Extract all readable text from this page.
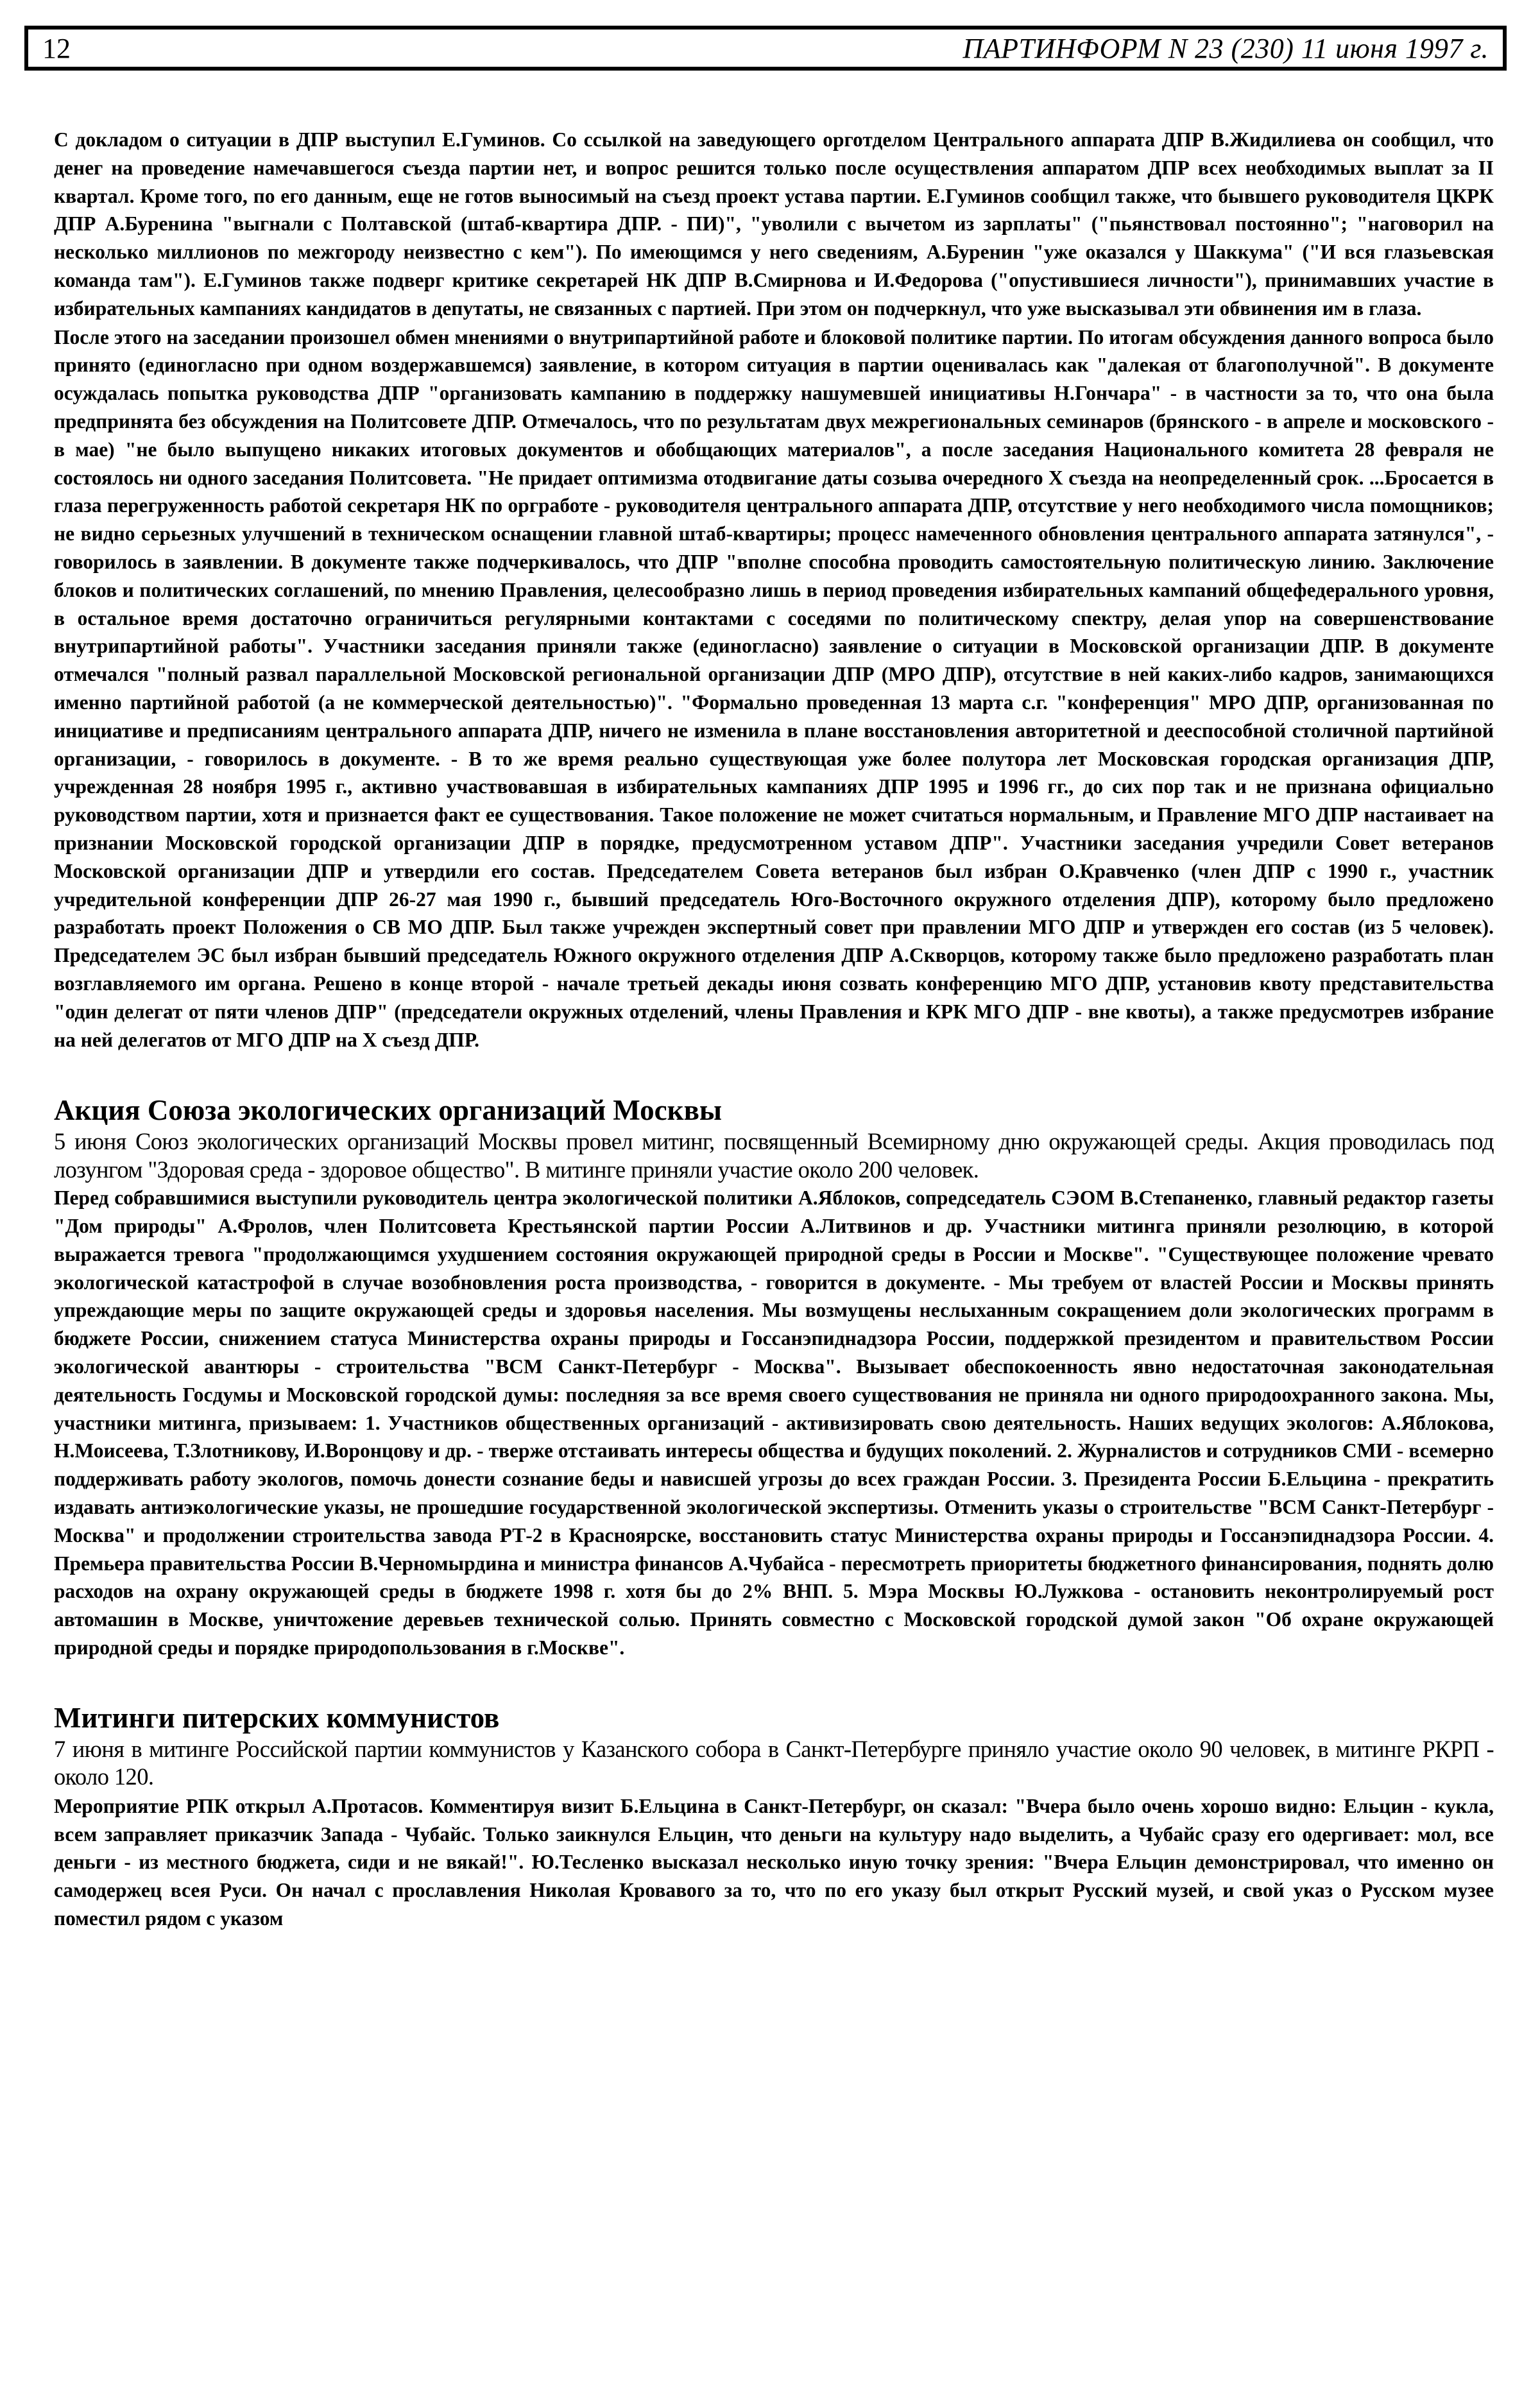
12	ПАРТИНФОРМ N 23 (230) 11 июня 1997 г.

С докладом о ситуации в ДПР выступил Е.Гуминов. Со ссылкой на заведующего орготделом Центрального аппарата ДПР В.Жидилиева он сообщил, что денег на проведение намечавшегося съезда партии нет, и вопрос решится только после осуществления аппаратом ДПР всех необходимых выплат за II квартал. Кроме того, по его данным, еще не готов выносимый на съезд проект устава партии. Е.Гуминов сообщил также, что бывшего руководителя ЦКРК ДПР А.Буренина "выгнали с Полтавской (штаб-квартира ДПР. - ПИ)", "уволили с вычетом из зарплаты" ("пьянствовал постоянно"; "наговорил на несколько миллионов по межгороду неизвестно с кем"). По имеющимся у него сведениям, А.Буренин "уже оказался у Шаккума" ("И вся глазьевская команда там"). Е.Гуминов также подверг критике секретарей НК ДПР В.Смирнова и И.Федорова ("опустившиеся личности"), принимавших участие в избирательных кампаниях кандидатов в депутаты, не связанных с партией. При этом он подчеркнул, что уже высказывал эти обвинения им в глаза.

После этого на заседании произошел обмен мнениями о внутрипартийной работе и блоковой политике партии. По итогам обсуждения данного вопроса было принято (единогласно при одном воздержавшемся) заявление, в котором ситуация в партии оценивалась как "далекая от благополучной". В документе осуждалась попытка руководства ДПР "организовать кампанию в поддержку нашумевшей инициативы Н.Гончара" - в частности за то, что она была предпринята без обсуждения на Политсовете ДПР. Отмечалось, что по результатам двух межрегиональных семинаров (брянского - в апреле и московского - в мае) "не было выпущено никаких итоговых документов и обобщающих материалов", а после заседания Национального комитета 28 февраля не состоялось ни одного заседания Политсовета. "Не придает оптимизма отодвигание даты созыва очередного X съезда на неопределенный срок. ...Бросается в глаза перегруженность работой секретаря НК по оргработе - руководителя центрального аппарата ДПР, отсутствие у него необходимого числа помощников; не видно серьезных улучшений в техническом оснащении главной штаб-квартиры; процесс намеченного обновления центрального аппарата затянулся", - говорилось в заявлении. В документе также подчеркивалось, что ДПР "вполне способна проводить самостоятельную политическую линию. Заключение блоков и политических соглашений, по мнению Правления, целесообразно лишь в период проведения избирательных кампаний общефедерального уровня, в остальное время достаточно ограничиться регулярными контактами с соседями по политическому спектру, делая упор на совершенствование внутрипартийной работы". Участники заседания приняли также (единогласно) заявление о ситуации в Московской организации ДПР. В документе отмечался "полный развал параллельной Московской региональной организации ДПР (МРО ДПР), отсутствие в ней каких-либо кадров, занимающихся именно партийной работой (а не коммерческой деятельностью)". "Формально проведенная 13 марта с.г. "конференция" МРО ДПР, организованная по инициативе и предписаниям центрального аппарата ДПР, ничего не изменила в плане восстановления авторитетной и дееспособной столичной партийной организации, - говорилось в документе. - В то же время реально существующая уже более полутора лет Московская городская организация ДПР, учрежденная 28 ноября 1995 г., активно участвовавшая в избирательных кампаниях ДПР 1995 и 1996 гг., до сих пор так и не признана официально руководством партии, хотя и признается факт ее существования. Такое положение не может считаться нормальным, и Правление МГО ДПР настаивает на признании Московской городской организации ДПР в порядке, предусмотренном уставом ДПР". Участники заседания учредили Совет ветеранов Московской организации ДПР и утвердили его состав. Председателем Совета ветеранов был избран О.Кравченко (член ДПР с 1990 г., участник учредительной конференции ДПР 26-27 мая 1990 г., бывший председатель Юго-Восточного окружного отделения ДПР), которому было предложено разработать проект Положения о СВ МО ДПР. Был также учрежден экспертный совет при правлении МГО ДПР и утвержден его состав (из 5 человек). Председателем ЭС был избран бывший председатель Южного окружного отделения ДПР А.Скворцов, которому также было предложено разработать план возглавляемого им органа. Решено в конце второй - начале третьей декады июня созвать конференцию МГО ДПР, установив квоту представительства "один делегат от пяти членов ДПР" (председатели окружных отделений, члены Правления и КРК МГО ДПР - вне квоты), а также предусмотрев избрание на ней делегатов от МГО ДПР на X съезд ДПР.

Акция Союза экологических организаций Москвы

5 июня Союз экологических организаций Москвы провел митинг, посвященный Всемирному дню окружающей среды. Акция проводилась под лозунгом "Здоровая среда - здоровое общество". В митинге приняли участие около 200 человек.

Перед собравшимися выступили руководитель центра экологической политики А.Яблоков, сопредседатель СЭОМ В.Степаненко, главный редактор газеты "Дом природы" А.Фролов, член Политсовета Крестьянской партии России А.Литвинов и др. Участники митинга приняли резолюцию, в которой выражается тревога "продолжающимся ухудшением состояния окружающей природной среды в России и Москве". "Существующее положение чревато экологической катастрофой в случае возобновления роста производства, - говорится в документе. - Мы требуем от властей России и Москвы принять упреждающие меры по защите окружающей среды и здоровья населения. Мы возмущены неслыханным сокращением доли экологических программ в бюджете России, снижением статуса Министерства охраны природы и Госсанэпиднадзора России, поддержкой президентом и правительством России экологической авантюры - строительства "ВСМ Санкт-Петербург - Москва". Вызывает обеспокоенность явно недостаточная законодательная деятельность Госдумы и Московской городской думы: последняя за все время своего существования не приняла ни одного природоохранного закона. Мы, участники митинга, призываем: 1. Участников общественных организаций - активизировать свою деятельность. Наших ведущих экологов: А.Яблокова, Н.Моисеева, Т.Злотникову, И.Воронцову и др. - тверже отстаивать интересы общества и будущих поколений. 2. Журналистов и сотрудников СМИ - всемерно поддерживать работу экологов, помочь донести сознание беды и нависшей угрозы до всех граждан России. 3. Президента России Б.Ельцина - прекратить издавать антиэкологические указы, не прошедшие государственной экологической экспертизы. Отменить указы о строительстве "ВСМ Санкт-Петербург - Москва" и продолжении строительства завода РТ-2 в Красноярске, восстановить статус Министерства охраны природы и Госсанэпиднадзора России. 4. Премьера правительства России В.Черномырдина и министра финансов А.Чубайса - пересмотреть приоритеты бюджетного финансирования, поднять долю расходов на охрану окружающей среды в бюджете 1998 г. хотя бы до 2% ВНП. 5. Мэра Москвы Ю.Лужкова - остановить неконтролируемый рост автомашин в Москве, уничтожение деревьев технической солью. Принять совместно с Московской городской думой закон "Об охране окружающей природной среды и порядке природопользования в г.Москве".

Митинги питерских коммунистов

7 июня в митинге Российской партии коммунистов у Казанского собора в Санкт-Петербурге приняло участие около 90 человек, в митинге РКРП - около 120.

Мероприятие РПК открыл А.Протасов. Комментируя визит Б.Ельцина в Санкт-Петербург, он сказал: "Вчера было очень хорошо видно: Ельцин - кукла, всем заправляет приказчик Запада - Чубайс. Только заикнулся Ельцин, что деньги на культуру надо выделить, а Чубайс сразу его одергивает: мол, все деньги - из местного бюджета, сиди и не вякай!". Ю.Тесленко высказал несколько иную точку зрения: "Вчера Ельцин демонстрировал, что именно он самодержец всея Руси. Он начал с прославления Николая Кровавого за то, что по его указу был открыт Русский музей, и свой указ о Русском музее поместил рядом с указом
